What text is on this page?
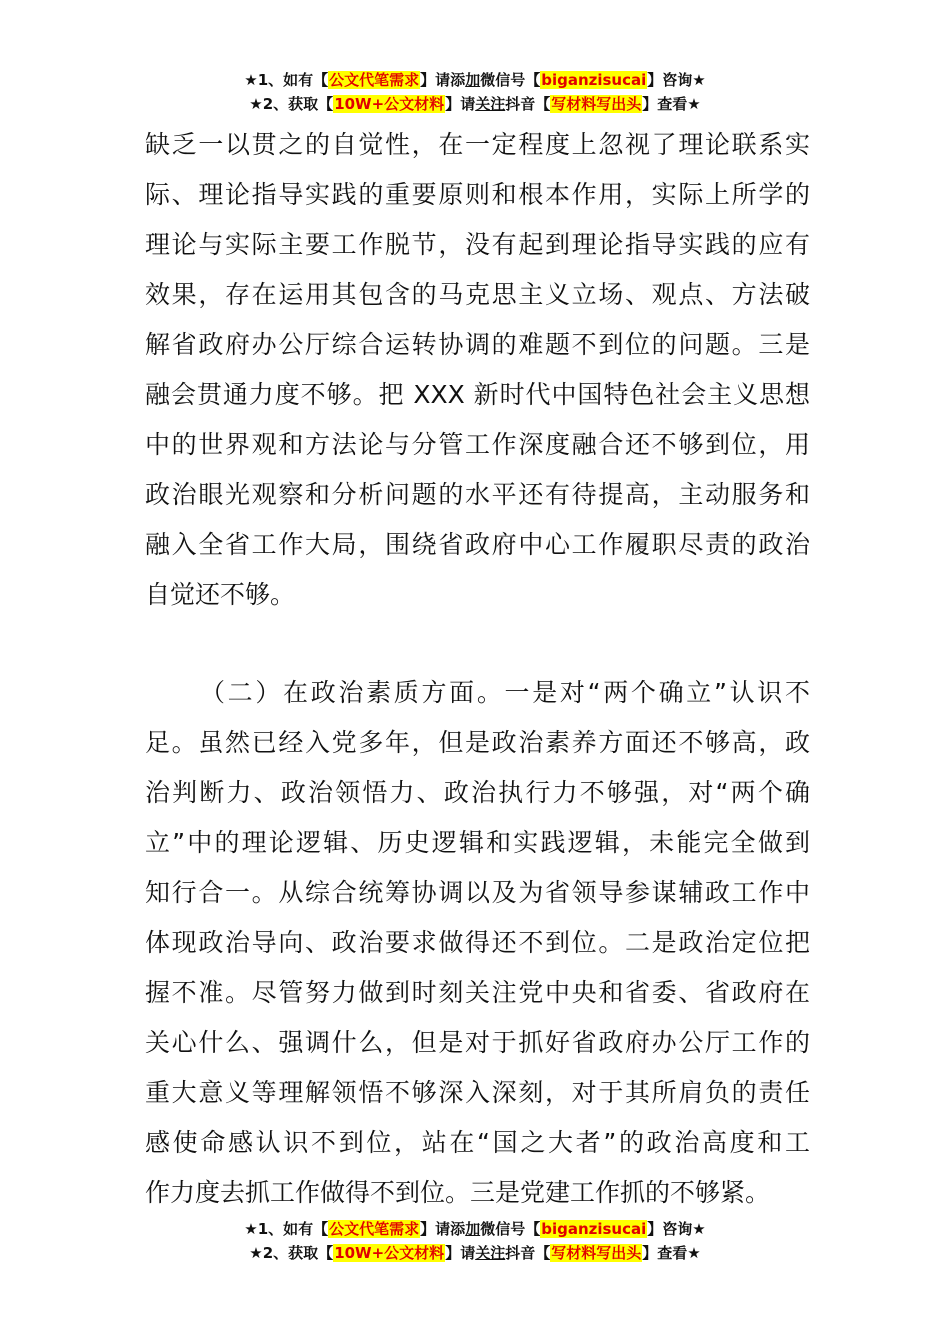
★1、如有【公文代笔需求】请添加微信号【biganzisucai】咨询★
★2、获取【10W+公文材料】请关注抖音【写材料写出头】查看★
缺乏一以贯之的自觉性，在一定程度上忽视了理论联系实
际、理论指导实践的重要原则和根本作用，实际上所学的
理论与实际主要工作脱节，没有起到理论指导实践的应有
效果，存在运用其包含的马克思主义立场、观点、方法破
解省政府办公厅综合运转协调的难题不到位的问题。三是
融会贯通力度不够。把 XXX 新时代中国特色社会主义思想
中的世界观和方法论与分管工作深度融合还不够到位，用
政治眼光观察和分析问题的水平还有待提高，主动服务和
融入全省工作大局，围绕省政府中心工作履职尽责的政治
自觉还不够。
（二）在政治素质方面。一是对“两个确立”认识不
足。虽然已经入党多年，但是政治素养方面还不够高，政
治判断力、政治领悟力、政治执行力不够强，对“两个确
立”中的理论逻辑、历史逻辑和实践逻辑，未能完全做到
知行合一。从综合统筹协调以及为省领导参谋辅政工作中
体现政治导向、政治要求做得还不到位。二是政治定位把
握不准。尽管努力做到时刻关注党中央和省委、省政府在
关心什么、强调什么，但是对于抓好省政府办公厅工作的
重大意义等理解领悟不够深入深刻，对于其所肩负的责任
感使命感认识不到位，站在“国之大者”的政治高度和工
作力度去抓工作做得不到位。三是党建工作抓的不够紧。
★1、如有【公文代笔需求】请添加微信号【biganzisucai】咨询★
★2、获取【10W+公文材料】请关注抖音【写材料写出头】查看★
